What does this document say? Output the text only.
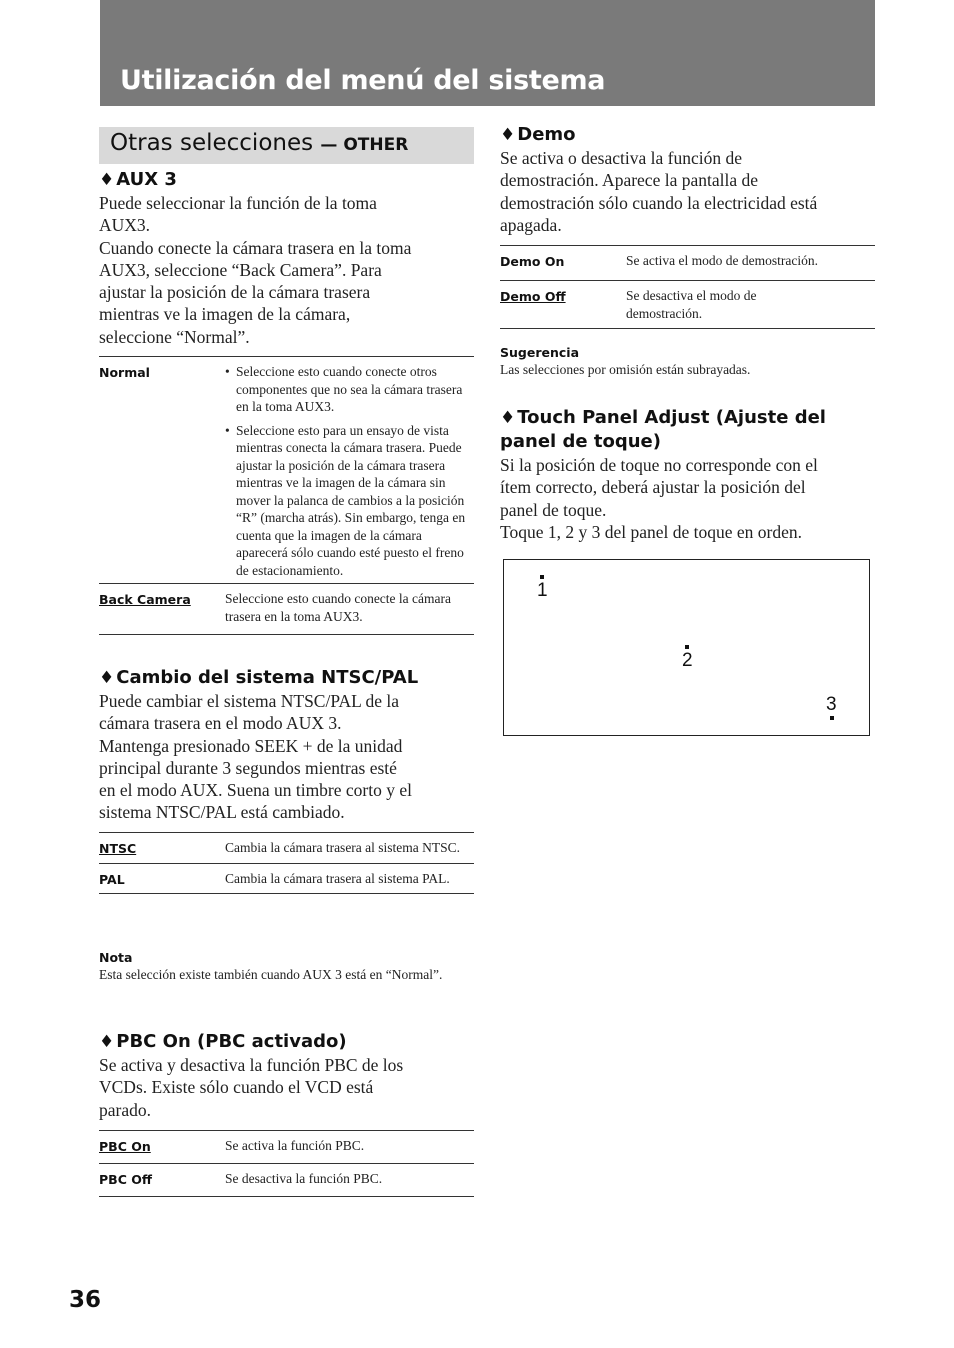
Utilización del menú del sistema
Otras selecciones — OTHER
♦ AUX 3
Puede seleccionar la función de la toma
AUX3.
Cuando conecte la cámara trasera en la toma
AUX3, seleccione “Back Camera”. Para
ajustar la posición de la cámara trasera
mientras ve la imagen de la cámara,
seleccione “Normal”.
Normal	• Seleccione esto cuando conecte otros componentes que no sea la cámara trasera en la toma AUX3.
• Seleccione esto para un ensayo de vista mientras conecta la cámara trasera. Puede ajustar la posición de la cámara trasera mientras ve la imagen de la cámara sin mover la palanca de cambios a la posición “R” (marcha atrás). Sin embargo, tenga en cuenta que la imagen de la cámara aparecerá sólo cuando esté puesto el freno de estacionamiento.

Back Camera	Seleccione esto cuando conecte la cámara trasera en la toma AUX3.
♦ Cambio del sistema NTSC/PAL
Puede cambiar el sistema NTSC/PAL de la
cámara trasera en el modo AUX 3.
Mantenga presionado SEEK + de la unidad
principal durante 3 segundos mientras esté
en el modo AUX. Suena un timbre corto y el
sistema NTSC/PAL está cambiado.
NTSC	Cambia la cámara trasera al sistema NTSC.

PAL	Cambia la cámara trasera al sistema PAL.

Nota

Esta selección existe también cuando AUX 3 está en “Normal”.

♦ PBC On (PBC activado)
Se activa y desactiva la función PBC de los
VCDs. Existe sólo cuando el VCD está
parado.
PBC On	Se activa la función PBC.

PBC Off	Se desactiva la función PBC.
♦ Demo
Se activa o desactiva la función de
demostración. Aparece la pantalla de
demostración sólo cuando la electricidad está
apagada.
Demo On	Se activa el modo de demostración.

Demo Off	Se desactiva el modo de demostración.

Sugerencia

Las selecciones por omisión están subrayadas.

♦ Touch Panel Adjust (Ajuste del
panel de toque)
Si la posición de toque no corresponde con el
ítem correcto, deberá ajustar la posición del
panel de toque.
Toque 1, 2 y 3 del panel de toque en orden.
1
2
3
36
